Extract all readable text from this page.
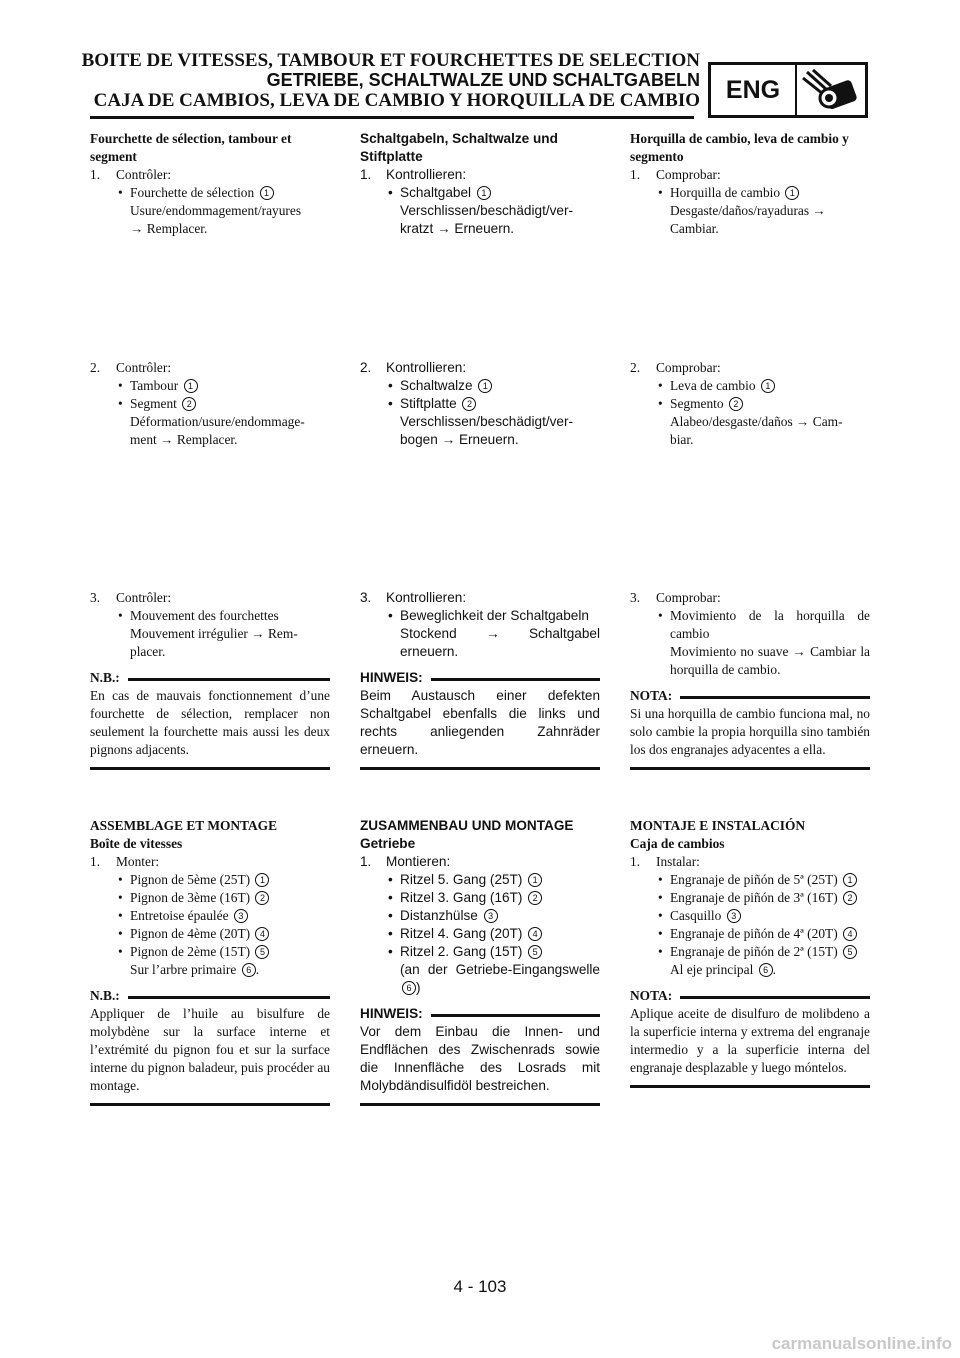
BOITE DE VITESSES, TAMBOUR ET FOURCHETTES DE SELECTION
GETRIEBE, SCHALTWALZE UND SCHALTGABELN
CAJA DE CAMBIOS, LEVA DE CAMBIO Y HORQUILLA DE CAMBIO	ENG
Fourchette de sélection, tambour et
segment
1.	Contrôler:
• Fourchette de sélection 1
Usure/endommagement/rayures
→ Remplacer.
2.	Contrôler:
• Tambour 1
• Segment 2
Déformation/usure/endommage-
ment → Remplacer.
3.	Contrôler:
• Mouvement des fourchettes
Mouvement irrégulier → Rem-
placer.
N.B.:
En cas de mauvais fonctionnement d’une fourchette de sélection, remplacer non seulement la fourchette mais aussi les deux pignons adjacents.
ASSEMBLAGE ET MONTAGE
Boîte de vitesses
1.	Monter:
• Pignon de 5ème (25T) 1
• Pignon de 3ème (16T) 2
• Entretoise épaulée 3
• Pignon de 4ème (20T) 4
• Pignon de 2ème (15T) 5
Sur l’arbre primaire 6 .
N.B.:
Appliquer de l’huile au bisulfure de molybdène sur la surface interne et l’extrémité du pignon fou et sur la surface interne du pignon baladeur, puis procéder au montage.
Schaltgabeln, Schaltwalze und
Stiftplatte
1.	Kontrollieren:
• Schaltgabel 1
Verschlissen/beschädigt/ver-
kratzt → Erneuern.
2.	Kontrollieren:
• Schaltwalze 1
• Stiftplatte 2
Verschlissen/beschädigt/ver-
bogen → Erneuern.
3.	Kontrollieren:
• Beweglichkeit der Schaltgabeln
Stockend → Schaltgabel erneuern.
HINWEIS:
Beim Austausch einer defekten Schaltgabel ebenfalls die links und rechts anliegenden Zahnräder erneuern.
ZUSAMMENBAU UND MONTAGE
Getriebe
1.	Montieren:
• Ritzel 5. Gang (25T) 1
• Ritzel 3. Gang (16T) 2
• Distanzhülse 3
• Ritzel 4. Gang (20T) 4
• Ritzel 2. Gang (15T) 5
(an der Getriebe-Eingangswelle 6 )
HINWEIS:
Vor dem Einbau die Innen- und Endflächen des Zwischenrads sowie die Innenfläche des Losrads mit Molybdändisulfidöl bestreichen.
Horquilla de cambio, leva de cambio y
segmento
1.	Comprobar:
• Horquilla de cambio 1
Desgaste/daños/rayaduras →
Cambiar.
2.	Comprobar:
• Leva de cambio 1
• Segmento 2
Alabeo/desgaste/daños → Cam-
biar.
3.	Comprobar:
• Movimiento de la horquilla de cambio
Movimiento no suave → Cambiar la horquilla de cambio.
NOTA:
Si una horquilla de cambio funciona mal, no solo cambie la propia horquilla sino también los dos engranajes adyacentes a ella.
MONTAJE E INSTALACIÓN
Caja de cambios
1.	Instalar:
• Engranaje de piñón de 5ª (25T) 1
• Engranaje de piñón de 3ª (16T) 2
• Casquillo 3
• Engranaje de piñón de 4ª (20T) 4
• Engranaje de piñón de 2ª (15T) 5
Al eje principal 6 .
NOTA:
Aplique aceite de disulfuro de molibdeno a la superficie interna y extrema del engranaje intermedio y a la superficie interna del engranaje desplazable y luego móntelos.
4 - 103
carmanualsonline.info
